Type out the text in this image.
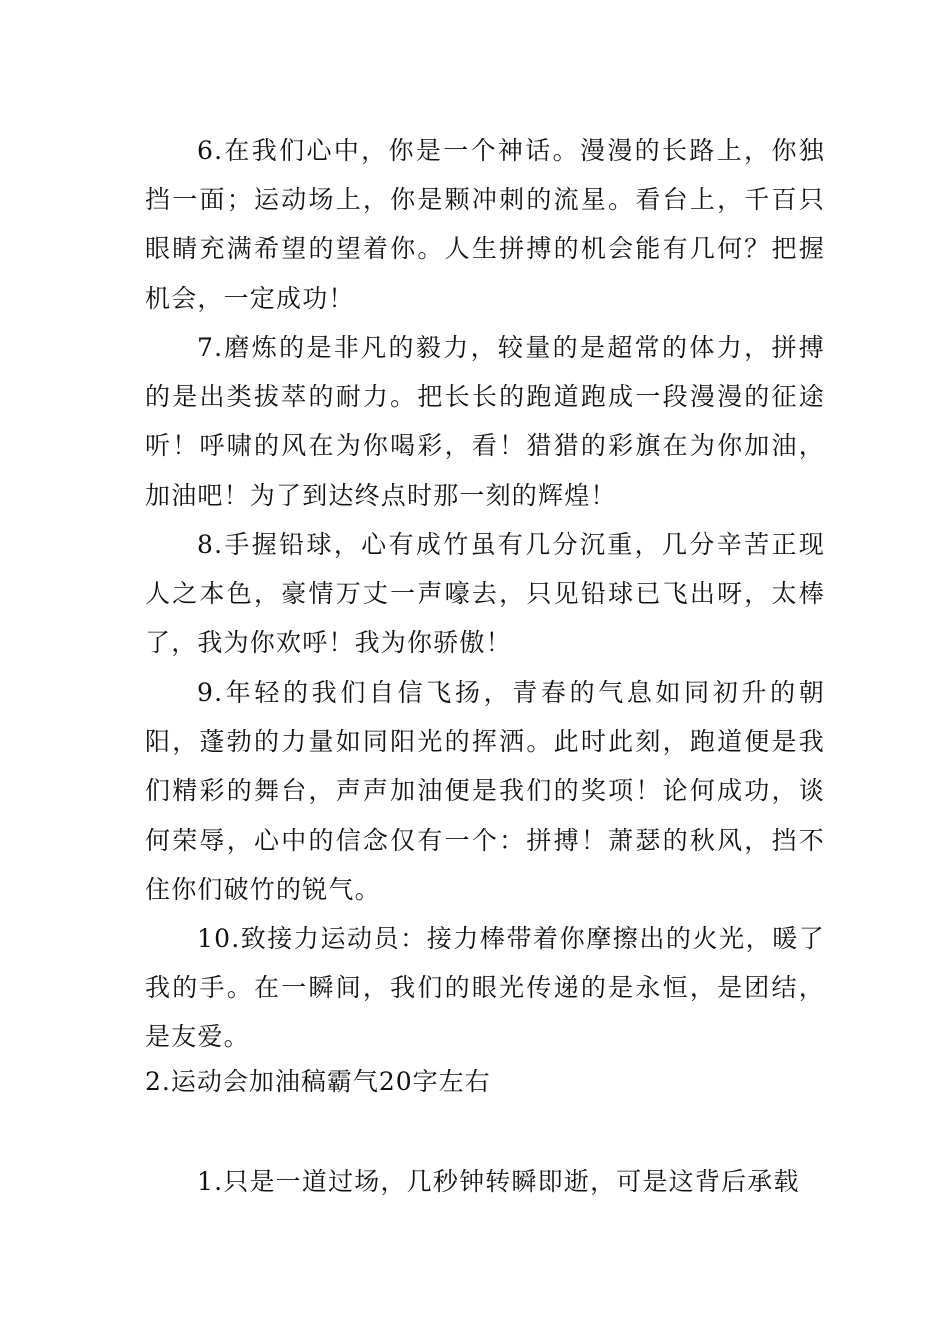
6.在我们心中，你是一个神话。漫漫的长路上，你独挡一面；运动场上，你是颗冲刺的流星。看台上，千百只眼睛充满希望的望着你。人生拼搏的机会能有几何？把握机会，一定成功！

7.磨炼的是非凡的毅力，较量的是超常的体力，拼搏的是出类拔萃的耐力。把长长的跑道跑成一段漫漫的征途听！呼啸的风在为你喝彩，看！猎猎的彩旗在为你加油，加油吧！为了到达终点时那一刻的辉煌！

8.手握铅球，心有成竹虽有几分沉重，几分辛苦正现人之本色，豪情万丈一声嚎去，只见铅球已飞出呀，太棒了，我为你欢呼！我为你骄傲！

9.年轻的我们自信飞扬，青春的气息如同初升的朝阳，蓬勃的力量如同阳光的挥洒。此时此刻，跑道便是我们精彩的舞台，声声加油便是我们的奖项！论何成功，谈何荣辱，心中的信念仅有一个：拼搏！萧瑟的秋风，挡不住你们破竹的锐气。

10.致接力运动员：接力棒带着你摩擦出的火光，暖了我的手。在一瞬间，我们的眼光传递的是永恒，是团结，是友爱。

2.运动会加油稿霸气20字左右

1.只是一道过场，几秒钟转瞬即逝，可是这背后承载
